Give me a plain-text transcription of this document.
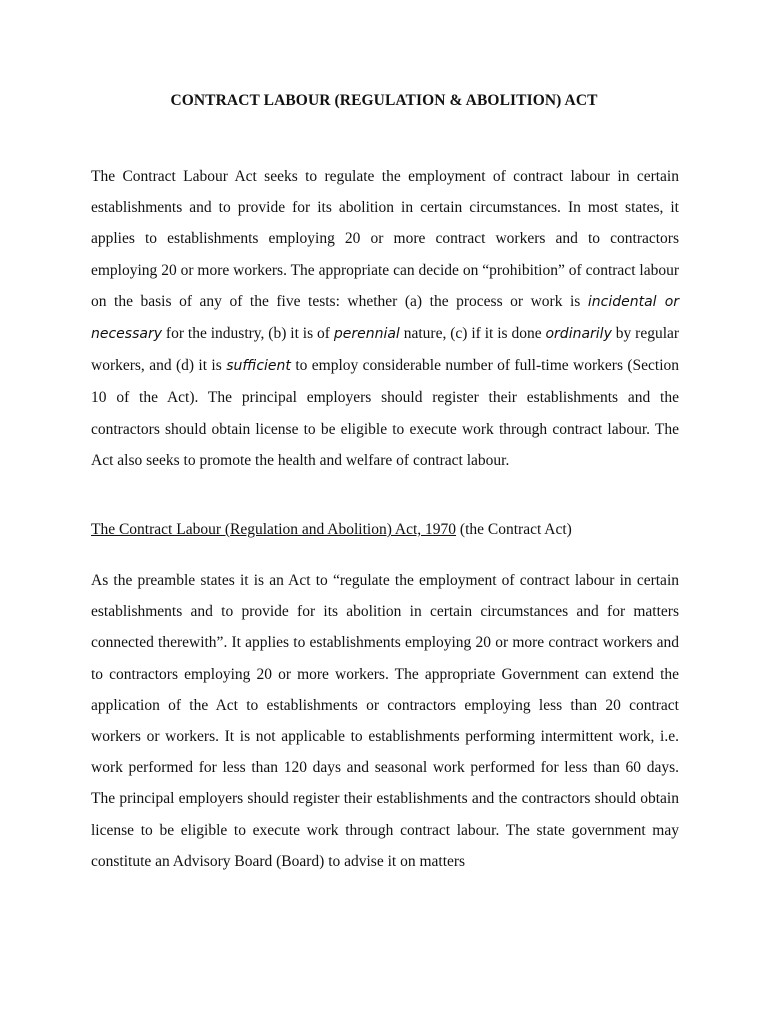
CONTRACT LABOUR (REGULATION & ABOLITION) ACT

The Contract Labour Act seeks to regulate the employment of contract labour in certain establishments and to provide for its abolition in certain circumstances. In most states, it applies to establishments employing 20 or more contract workers and to contractors employing 20 or more workers. The appropriate can decide on “prohibition” of contract labour on the basis of any of the five tests: whether (a) the process or work is incidental or necessary for the industry, (b) it is of perennial nature, (c) if it is done ordinarily by regular workers, and (d) it is sufficient to employ considerable number of full-time workers (Section 10 of the Act). The principal employers should register their establishments and the contractors should obtain license to be eligible to execute work through contract labour. The Act also seeks to promote the health and welfare of contract labour.

The Contract Labour (Regulation and Abolition) Act, 1970 (the Contract Act)

As the preamble states it is an Act to “regulate the employment of contract labour in certain establishments and to provide for its abolition in certain circumstances and for matters connected therewith”. It applies to establishments employing 20 or more contract workers and to contractors employing 20 or more workers. The appropriate Government can extend the application of the Act to establishments or contractors employing less than 20 contract workers or workers. It is not applicable to establishments performing intermittent work, i.e. work performed for less than 120 days and seasonal work performed for less than 60 days. The principal employers should register their establishments and the contractors should obtain license to be eligible to execute work through contract labour. The state government may constitute an Advisory Board (Board) to advise it on matters
